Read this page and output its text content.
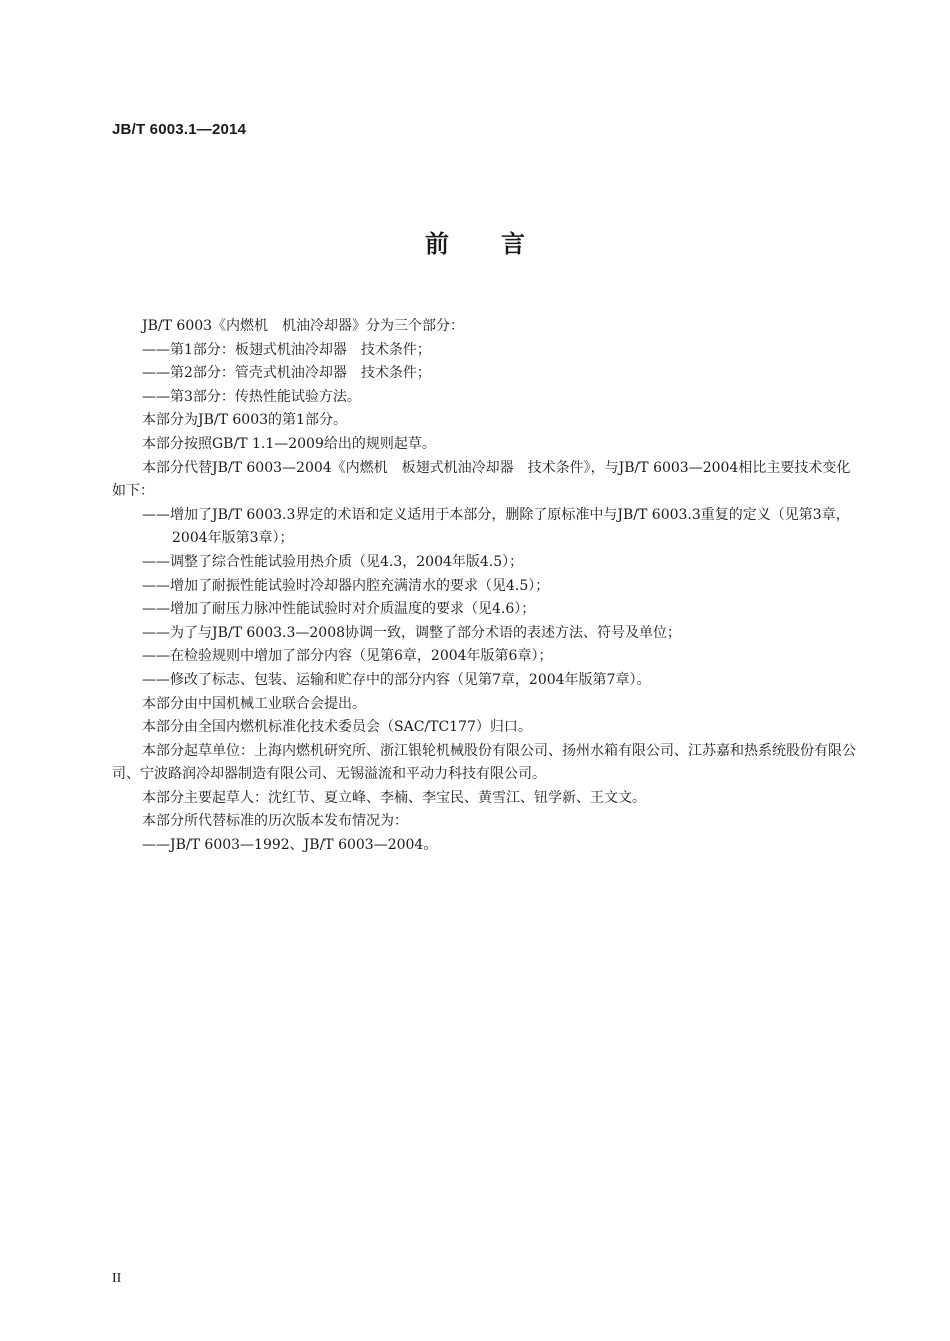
JB/T 6003.1—2014
前言

JB/T 6003《内燃机　机油冷却器》分为三个部分：

——第1部分：板翅式机油冷却器　技术条件；

——第2部分：管壳式机油冷却器　技术条件；

——第3部分：传热性能试验方法。

本部分为JB/T 6003的第1部分。

本部分按照GB/T 1.1—2009给出的规则起草。

本部分代替JB/T 6003—2004《内燃机　板翅式机油冷却器　技术条件》，与JB/T 6003—2004相比主要技术变化如下：

——增加了JB/T 6003.3界定的术语和定义适用于本部分，删除了原标准中与JB/T 6003.3重复的定义（见第3章，2004年版第3章）；

——调整了综合性能试验用热介质（见4.3，2004年版4.5）；

——增加了耐振性能试验时冷却器内腔充满清水的要求（见4.5）；

——增加了耐压力脉冲性能试验时对介质温度的要求（见4.6）；

——为了与JB/T 6003.3—2008协调一致，调整了部分术语的表述方法、符号及单位；

——在检验规则中增加了部分内容（见第6章，2004年版第6章）；

——修改了标志、包装、运输和贮存中的部分内容（见第7章，2004年版第7章）。

本部分由中国机械工业联合会提出。

本部分由全国内燃机标准化技术委员会（SAC/TC177）归口。

本部分起草单位：上海内燃机研究所、浙江银轮机械股份有限公司、扬州水箱有限公司、江苏嘉和热系统股份有限公司、宁波路润冷却器制造有限公司、无锡溢流和平动力科技有限公司。

本部分主要起草人：沈红节、夏立峰、李楠、李宝民、黄雪江、钮学新、王文文。

本部分所代替标准的历次版本发布情况为：

——JB/T 6003—1992、JB/T 6003—2004。

II
